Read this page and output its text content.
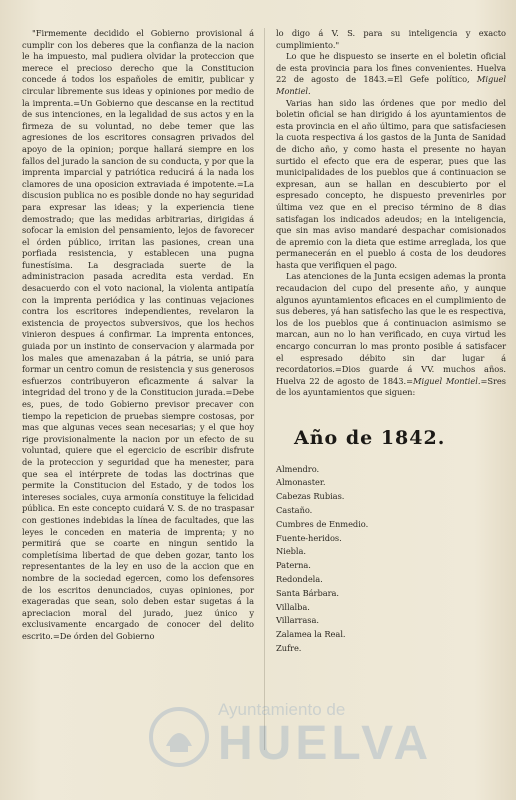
"Firmemente decidido el Gobierno provisional á cumplir con los deberes que la confianza de la nacion le ha impuesto, mal pudiera olvidar la proteccion que merece el precioso derecho que la Constitucion concede á todos los españoles de emitir, publicar y circular libremente sus ideas y opiniones por medio de la imprenta.=Un Gobierno que descanse en la rectitud de sus intenciones, en la legalidad de sus actos y en la firmeza de su voluntad, no debe temer que las agresiones de los escritores consagren privados del apoyo de la opinion; porque hallará siempre en los fallos del jurado la sancion de su conducta, y por que la imprenta imparcial y patriótica reducirá á la nada los clamores de una oposicion extraviada é impotente.=La discusion publica no es posible donde no hay seguridad para expresar las ideas; y la experiencia tiene demostrado; que las medidas arbitrarias, dirigidas á sofocar la emision del pensamiento, lejos de favorecer el órden público, irritan las pasiones, crean una porfiada resistencia, y establecen una pugna funestísima. La desgraciada suerte de la administracion pasada acredita esta verdad. En desacuerdo con el voto nacional, la violenta antipatía con la imprenta periódica y las continuas vejaciones contra los escritores independientes, revelaron la existencia de proyectos subversivos, que los hechos vinieron despues á confirmar. La imprenta entonces, guiada por un instinto de conservacion y alarmada por los males que amenazaban á la pátria, se unió para formar un centro comun de resistencia y sus generosos esfuerzos contribuyeron eficazmente á salvar la integridad del trono y de la Constitucion jurada.=Debe es, pues, de todo Gobierno previsor precaver con tiempo la repeticion de pruebas siempre costosas, por mas que algunas veces sean necesarias; y el que hoy rige provisionalmente la nacion por un efecto de su voluntad, quiere que el egercicio de escribir disfrute de la proteccion y seguridad que ha menester, para que sea el intérprete de todas las doctrinas que permite la Constitucion del Estado, y de todos los intereses sociales, cuya armonía constituye la felicidad pública. En este concepto cuidará V. S. de no traspasar con gestiones indebidas la línea de facultades, que las leyes le conceden en materia de imprenta; y no permitirá que se coarte en ningun sentido la completísima libertad de que deben gozar, tanto los representantes de la ley en uso de la accion que en nombre de la sociedad egercen, como los defensores de los escritos denunciados, cuyas opiniones, por exageradas que sean, solo deben estar sugetas á la apreciacion moral del jurado, juez único y exclusivamente encargado de conocer del delito escrito.=De órden del Gobierno

lo digo á V. S. para su inteligencia y exacto cumplimiento."

Lo que he dispuesto se inserte en el boletin oficial de esta provincia para los fines convenientes. Huelva 22 de agosto de 1843.=El Gefe político, Miguel Montiel.

Varias han sido las órdenes que por medio del boletin oficial se han dirigido á los ayuntamientos de esta provincia en el año último, para que satisfaciesen la cuota respectiva á los gastos de la Junta de Sanidad de dicho año, y como hasta el presente no hayan surtido el efecto que era de esperar, pues que las municipalidades de los pueblos que á continuacion se expresan, aun se hallan en descubierto por el espresado concepto, he dispuesto prevenirles por última vez que en el preciso término de 8 dias satisfagan los indicados adeudos; en la inteligencia, que sin mas aviso mandaré despachar comisionados de apremio con la dieta que estime arreglada, los que permanecerán en el pueblo á costa de los deudores hasta que verifiquen el pago.

Las atenciones de la Junta ecsigen ademas la pronta recaudacion del cupo del presente año, y aunque algunos ayuntamientos eficaces en el cumplimiento de sus deberes, yá han satisfecho las que le es respectiva, los de los pueblos que á continuacion asimismo se marcan, aun no lo han verificado, en cuya virtud les encargo concurran lo mas pronto posible á satisfacer el espresado débito sin dar lugar á recordatorios.=Dios guarde á VV. muchos años. Huelva 22 de agosto de 1843.=Miguel Montiel.=Sres de los ayuntamientos que siguen:

Año de 1842.
Almendro.
Almonaster.
Cabezas Rubias.
Castaño.
Cumbres de Enmedio.
Fuente-heridos.
Niebla.
Paterna.
Redondela.
Santa Bárbara.
Villalba.
Villarrasa.
Zalamea la Real.
Zufre.
Ayuntamiento de
HUELVA
